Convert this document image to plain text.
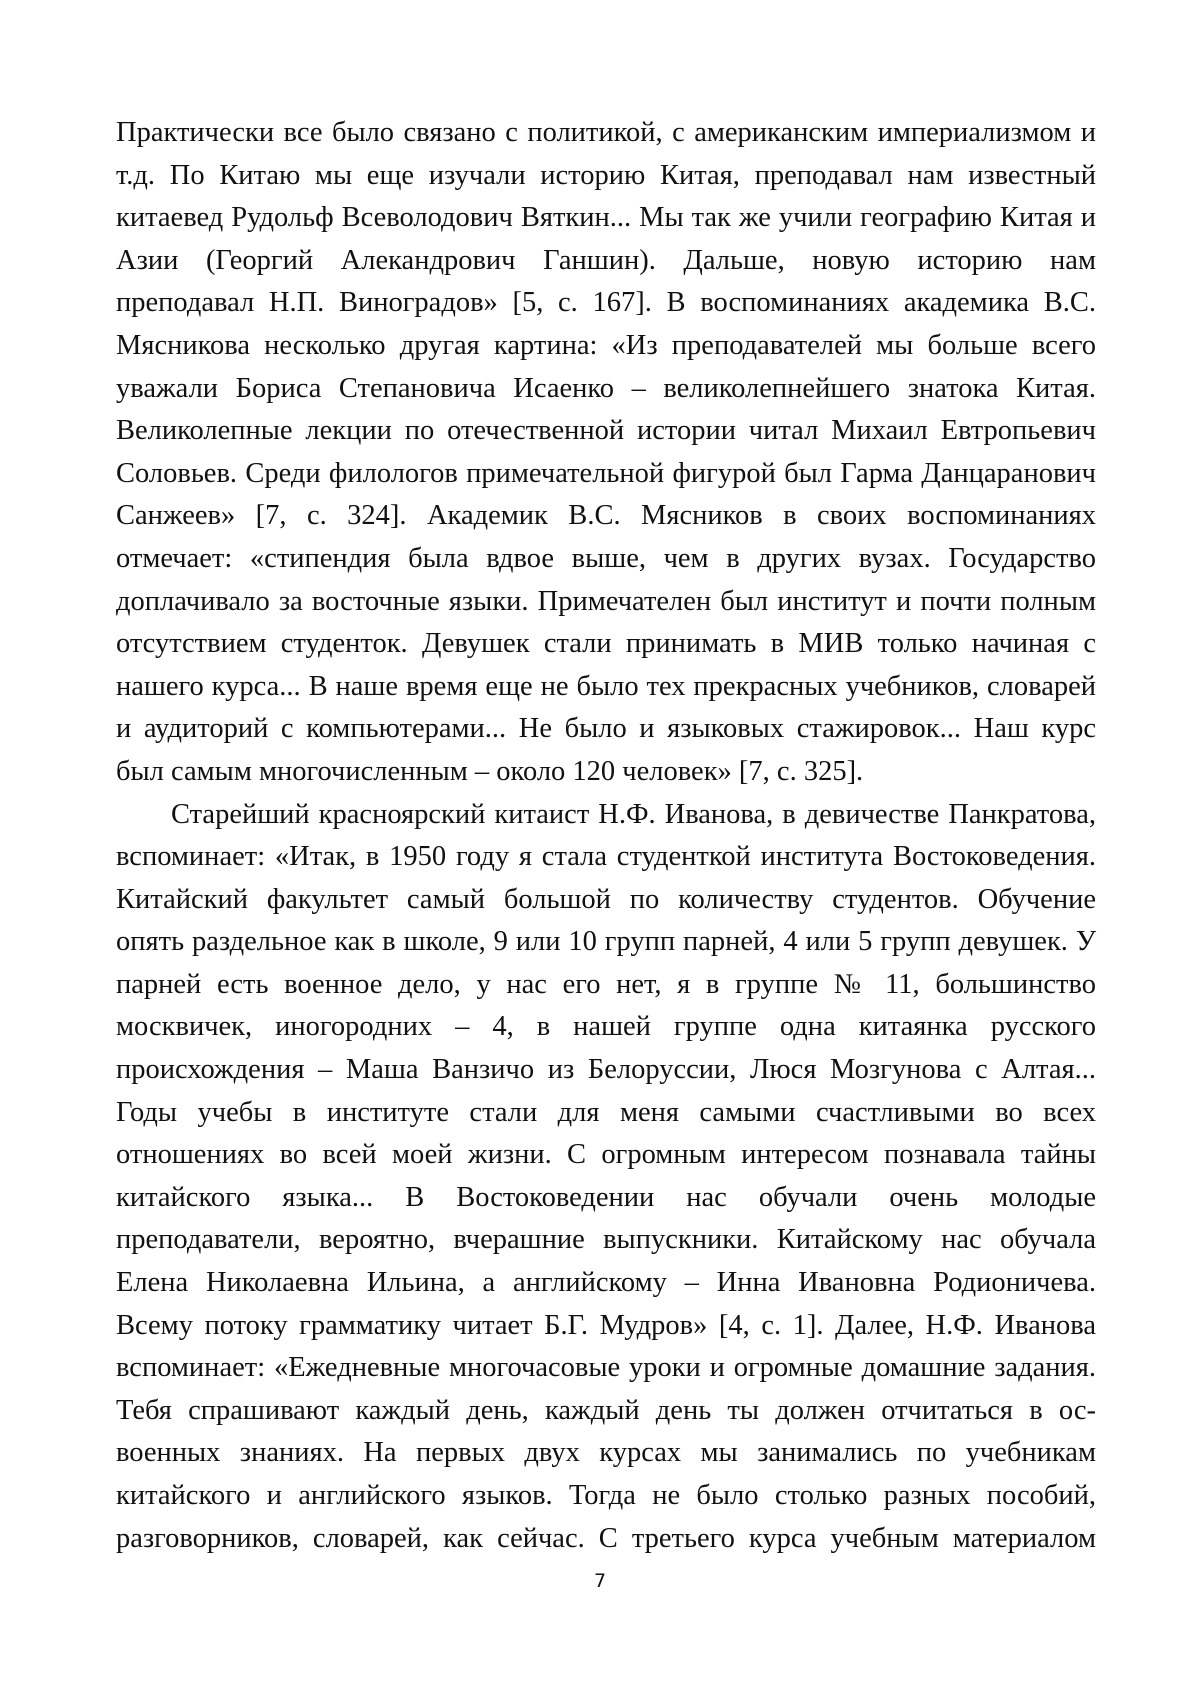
Практически все было связано с политикой, с американским империализмом и
т.д. По Китаю мы еще изучали историю Китая, преподавал нам известный
китаевед Рудольф Всеволодович Вяткин... Мы так же учили географию Китая и
Азии (Георгий Алекандрович Ганшин). Дальше, новую историю нам
преподавал Н.П. Виноградов» [5, с. 167]. В воспоминаниях академика В.С.
Мясникова несколько другая картина: «Из преподавателей мы больше всего
уважали Бориса Степановича Исаенко – великолепнейшего знатока Китая.
Великолепные лекции по отечественной истории читал Михаил Евтропьевич
Соловьев. Среди филологов примечательной фигурой был Гарма Данцаранович
Санжеев» [7, с. 324]. Академик В.С. Мясников в своих воспоминаниях
отмечает: «стипендия была вдвое выше, чем в других вузах. Государство
доплачивало за восточные языки. Примечателен был институт и почти полным
отсутствием студенток. Девушек стали принимать в МИВ только начиная с
нашего курса... В наше время еще не было тех прекрасных учебников, словарей
и аудиторий с компьютерами... Не было и языковых стажировок... Наш курс
был самым многочисленным – около 120 человек» [7, с. 325].
Старейший красноярский китаист Н.Ф. Иванова, в девичестве Панкратова,
вспоминает: «Итак, в 1950 году я стала студенткой института Востоковедения.
Китайский факультет самый большой по количеству студентов. Обучение
опять раздельное как в школе, 9 или 10 групп парней, 4 или 5 групп девушек. У
парней есть военное дело, у нас его нет, я в группе № 11, большинство
москвичек, иногородних – 4, в нашей группе одна китаянка русского
происхождения – Маша Ванзичо из Белоруссии, Люся Мозгунова с Алтая...
Годы учебы в институте стали для меня самыми счастливыми во всех
отношениях во всей моей жизни. С огромным интересом познавала тайны
китайского языка... В Востоковедении нас обучали очень молодые
преподаватели, вероятно, вчерашние выпускники. Китайскому нас обучала
Елена Николаевна Ильина, а английскому – Инна Ивановна Родионичева.
Всему потоку грамматику читает Б.Г. Мудров» [4, с. 1]. Далее, Н.Ф. Иванова
вспоминает: «Ежедневные многочасовые уроки и огромные домашние задания.
Тебя спрашивают каждый день, каждый день ты должен отчитаться в ос-
военных знаниях. На первых двух курсах мы занимались по учебникам
китайского и английского языков. Тогда не было столько разных пособий,
разговорников, словарей, как сейчас. С третьего курса учебным материалом
7
